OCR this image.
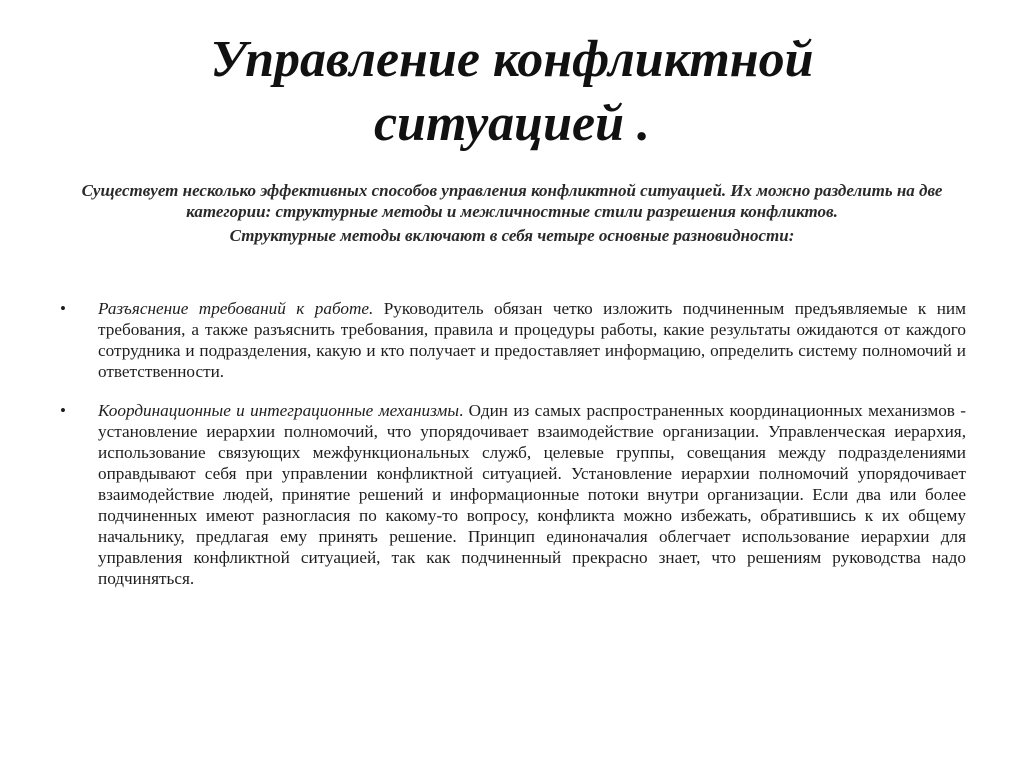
Управление конфликтной
ситуацией .

Существует несколько эффективных способов управления конфликтной ситуацией. Их можно разделить на две категории: структурные методы и межличностные стили разрешения конфликтов.

Структурные методы включают в себя четыре основные разновидности:

• Разъяснение требований к работе. Руководитель обязан четко изложить подчиненным предъявляемые к ним требования, а также разъяснить требования, правила и процедуры работы, какие результаты ожидаются от каждого сотрудника и подразделения, какую и кто получает и предоставляет информацию, определить систему полномочий и ответственности.
• Координационные и интеграционные механизмы. Один из самых распространенных координационных механизмов - установление иерархии полномочий, что упорядочивает взаимодействие организации. Управленческая иерархия, использование связующих межфункциональных служб, целевые группы, совещания между подразделениями оправдывают себя при управлении конфликтной ситуацией. Установление иерархии полномочий упорядочивает взаимодействие людей, принятие решений и информационные потоки внутри организации. Если два или более подчиненных имеют разногласия по какому-то вопросу, конфликта можно избежать, обратившись к их общему начальнику, предлагая ему принять решение. Принцип единоначалия облегчает использование иерархии для управления конфликтной ситуацией, так как подчиненный прекрасно знает, что решениям руководства надо подчиняться.
